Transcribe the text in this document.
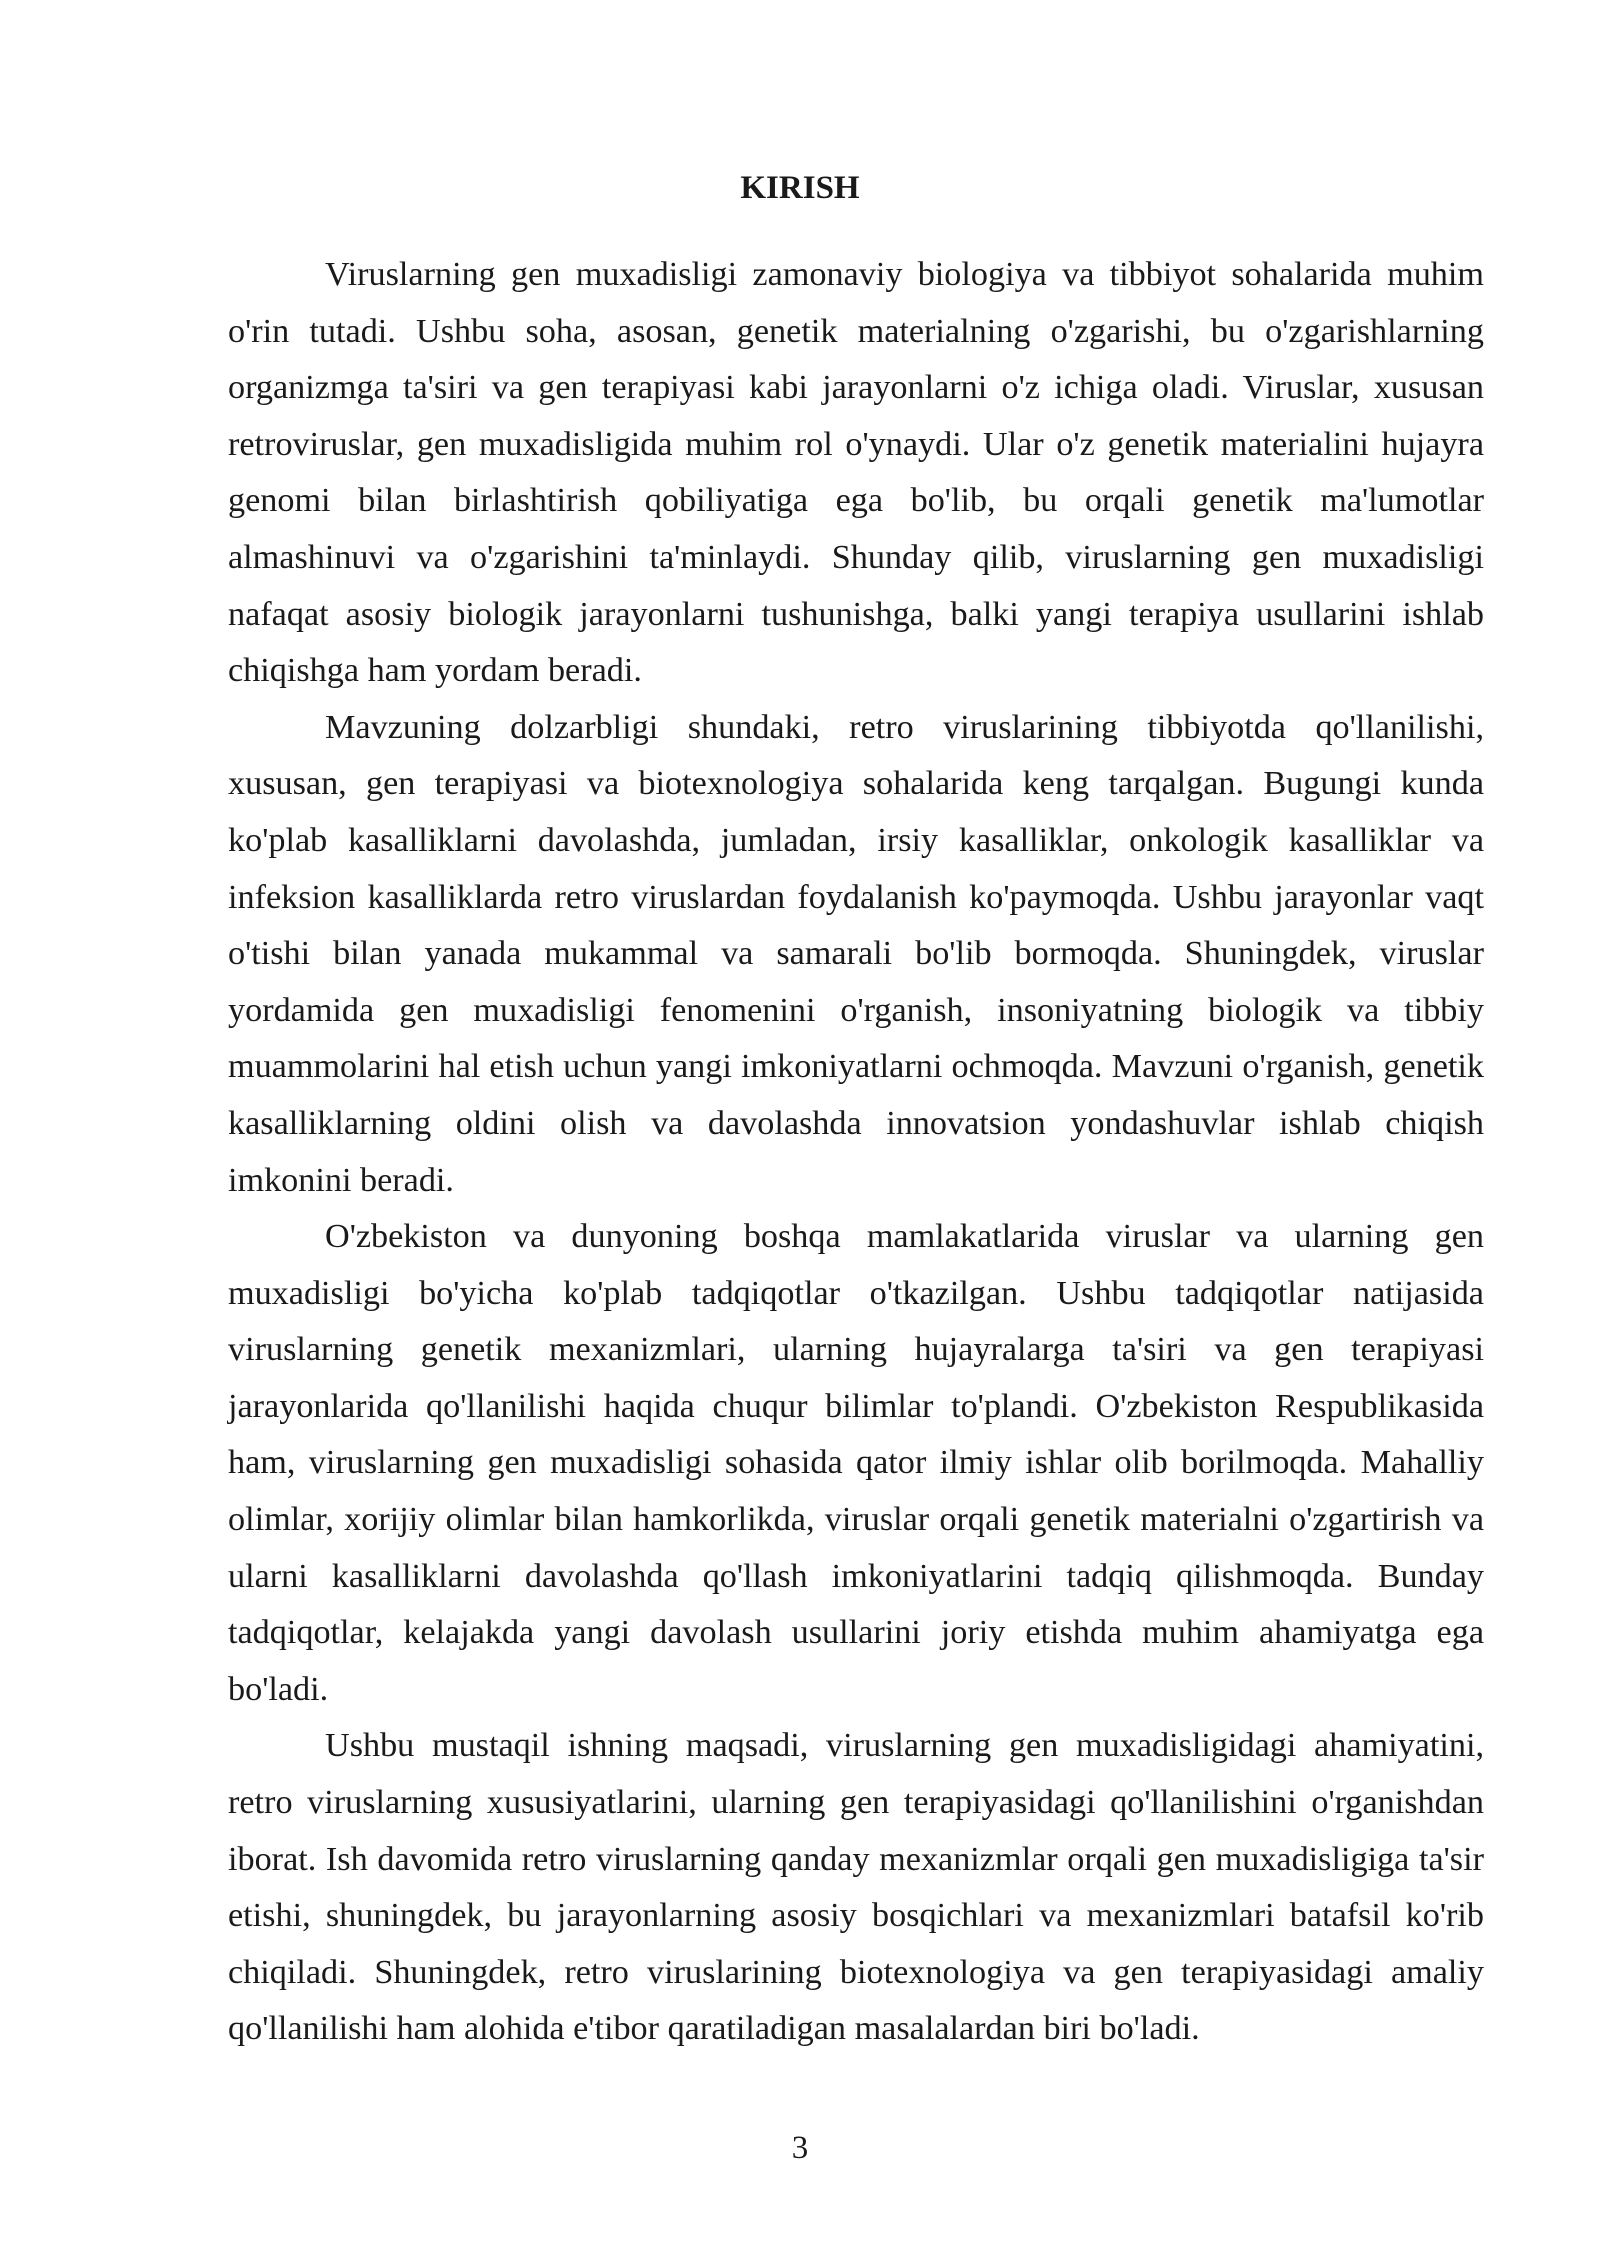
KIRISH

Viruslarning gen muxadisligi zamonaviy biologiya va tibbiyot sohalarida muhim o'rin tutadi. Ushbu soha, asosan, genetik materialning o'zgarishi, bu o'zgarishlarning organizmga ta'siri va gen terapiyasi kabi jarayonlarni o'z ichiga oladi. Viruslar, xususan retroviruslar, gen muxadisligida muhim rol o'ynaydi. Ular o'z genetik materialini hujayra genomi bilan birlashtirish qobiliyatiga ega bo'lib, bu orqali genetik ma'lumotlar almashinuvi va o'zgarishini ta'minlaydi. Shunday qilib, viruslarning gen muxadisligi nafaqat asosiy biologik jarayonlarni tushunishga, balki yangi terapiya usullarini ishlab chiqishga ham yordam beradi.

Mavzuning dolzarbligi shundaki, retro viruslarining tibbiyotda qo'llanilishi, xususan, gen terapiyasi va biotexnologiya sohalarida keng tarqalgan. Bugungi kunda ko'plab kasalliklarni davolashda, jumladan, irsiy kasalliklar, onkologik kasalliklar va infeksion kasalliklarda retro viruslardan foydalanish ko'paymoqda. Ushbu jarayonlar vaqt o'tishi bilan yanada mukammal va samarali bo'lib bormoqda. Shuningdek, viruslar yordamida gen muxadisligi fenomenini o'rganish, insoniyatning biologik va tibbiy muammolarini hal etish uchun yangi imkoniyatlarni ochmoqda. Mavzuni o'rganish, genetik kasalliklarning oldini olish va davolashda innovatsion yondashuvlar ishlab chiqish imkonini beradi.

O'zbekiston va dunyoning boshqa mamlakatlarida viruslar va ularning gen muxadisligi bo'yicha ko'plab tadqiqotlar o'tkazilgan. Ushbu tadqiqotlar natijasida viruslarning genetik mexanizmlari, ularning hujayralarga ta'siri va gen terapiyasi jarayonlarida qo'llanilishi haqida chuqur bilimlar to'plandi. O'zbekiston Respublikasida ham, viruslarning gen muxadisligi sohasida qator ilmiy ishlar olib borilmoqda. Mahalliy olimlar, xorijiy olimlar bilan hamkorlikda, viruslar orqali genetik materialni o'zgartirish va ularni kasalliklarni davolashda qo'llash imkoniyatlarini tadqiq qilishmoqda. Bunday tadqiqotlar, kelajakda yangi davolash usullarini joriy etishda muhim ahamiyatga ega bo'ladi.

Ushbu mustaqil ishning maqsadi, viruslarning gen muxadisligidagi ahamiyatini, retro viruslarning xususiyatlarini, ularning gen terapiyasidagi qo'llanilishini o'rganishdan iborat. Ish davomida retro viruslarning qanday mexanizmlar orqali gen muxadisligiga ta'sir etishi, shuningdek, bu jarayonlarning asosiy bosqichlari va mexanizmlari batafsil ko'rib chiqiladi. Shuningdek, retro viruslarining biotexnologiya va gen terapiyasidagi amaliy qo'llanilishi ham alohida e'tibor qaratiladigan masalalardan biri bo'ladi.

3
